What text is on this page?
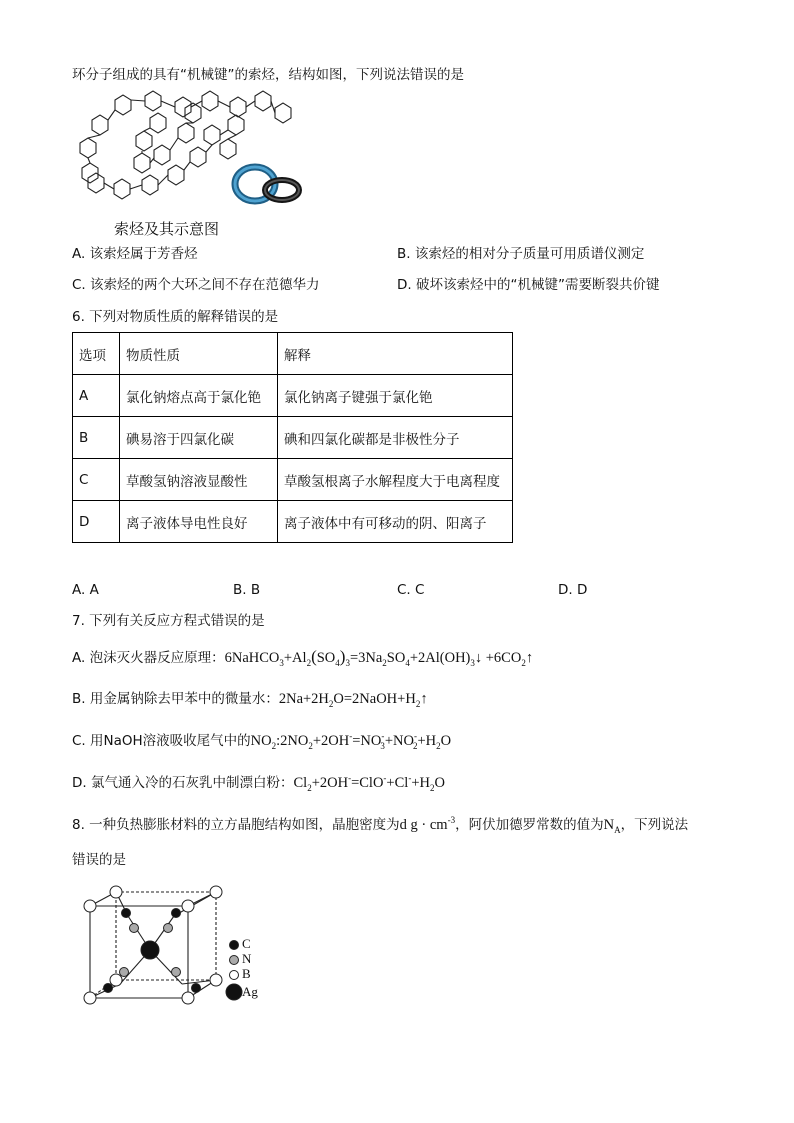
环分子组成的具有“机械键”的索烃，结构如图，下列说法错误的是
索烃及其示意图
A. 该索烃属于芳香烃	B. 该索烃的相对分子质量可用质谱仪测定
C. 该索烃的两个大环之间不存在范德华力	D. 破坏该索烃中的“机械键”需要断裂共价键
6. 下列对物质性质的解释错误的是
选项	物质性质	解释
A	氯化钠熔点高于氯化铯	氯化钠离子键强于氯化铯
B	碘易溶于四氯化碳	碘和四氯化碳都是非极性分子
C	草酸氢钠溶液显酸性	草酸氢根离子水解程度大于电离程度
D	离子液体导电性良好	离子液体中有可移动的阴、阳离子
A. A	B. B	C. C	D. D
7. 下列有关反应方程式错误的是
A. 泡沫灭火器反应原理：$6NaHCO_3+Al_2(SO_4)_3=3Na_2SO_4+2Al(OH)_3↓$ $+6CO_2↑$
B. 用金属钠除去甲苯中的微量水：$2Na+2H_2O=2NaOH+H_2↑$
C. 用NaOH溶液吸收尾气中的$NO_2:2NO_2+2OH^-=NO^-_3+NO^-_2+H_2O$
D. 氯气通入冷的石灰乳中制漂白粉：$Cl_2+2OH^-=ClO^-+Cl^-+H_2O$
8. 一种负热膨胀材料的立方晶胞结构如图，晶胞密度为d $g \cdot cm^{-3}$，阿伏加德罗常数的值为$N_A$，下列说法
错误的是
C
N
B
Ag
